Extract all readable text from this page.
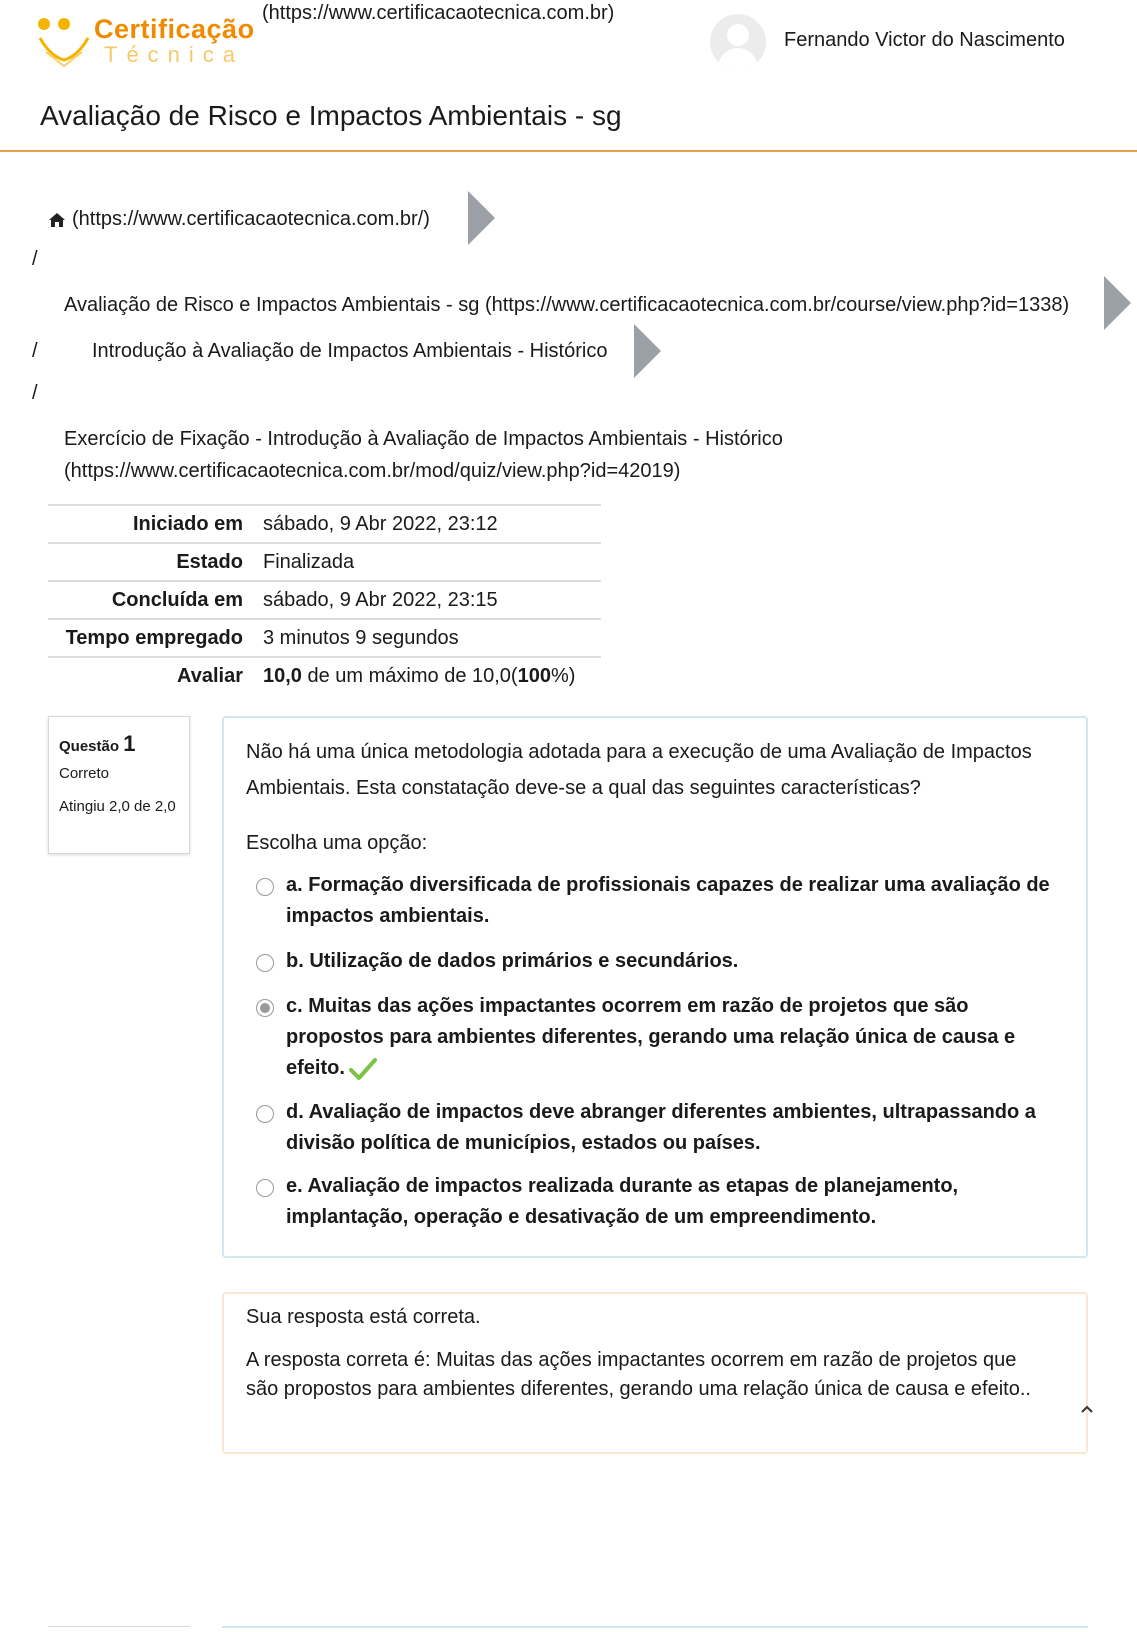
Certificação
Técnica
(https://www.certificacaotecnica.com.br)
Fernando Victor do Nascimento
Avaliação de Risco e Impactos Ambientais - sg
(https://www.certificacaotecnica.com.br/)
/
Avaliação de Risco e Impactos Ambientais - sg (https://www.certificacaotecnica.com.br/course/view.php?id=1338)
/	Introdução à Avaliação de Impactos Ambientais - Histórico
/
Exercício de Fixação - Introdução à Avaliação de Impactos Ambientais - Histórico
(https://www.certificacaotecnica.com.br/mod/quiz/view.php?id=42019)
Iniciado em	sábado, 9 Abr 2022, 23:12
Estado	Finalizada
Concluída em	sábado, 9 Abr 2022, 23:15
Tempo empregado	3 minutos 9 segundos
Avaliar	10,0 de um máximo de 10,0(100%)
Questão 1
Correto
Atingiu 2,0 de 2,0
Não há uma única metodologia adotada para a execução de uma Avaliação de Impactos Ambientais. Esta constatação deve-se a qual das seguintes características?
Escolha uma opção:
a. Formação diversificada de profissionais capazes de realizar uma avaliação de impactos ambientais.
b. Utilização de dados primários e secundários.
c. Muitas das ações impactantes ocorrem em razão de projetos que são propostos para ambientes diferentes, gerando uma relação única de causa e efeito.
d. Avaliação de impactos deve abranger diferentes ambientes, ultrapassando a divisão política de municípios, estados ou países.
e. Avaliação de impactos realizada durante as etapas de planejamento, implantação, operação e desativação de um empreendimento.
Sua resposta está correta.
A resposta correta é: Muitas das ações impactantes ocorrem em razão de projetos que são propostos para ambientes diferentes, gerando uma relação única de causa e efeito..
